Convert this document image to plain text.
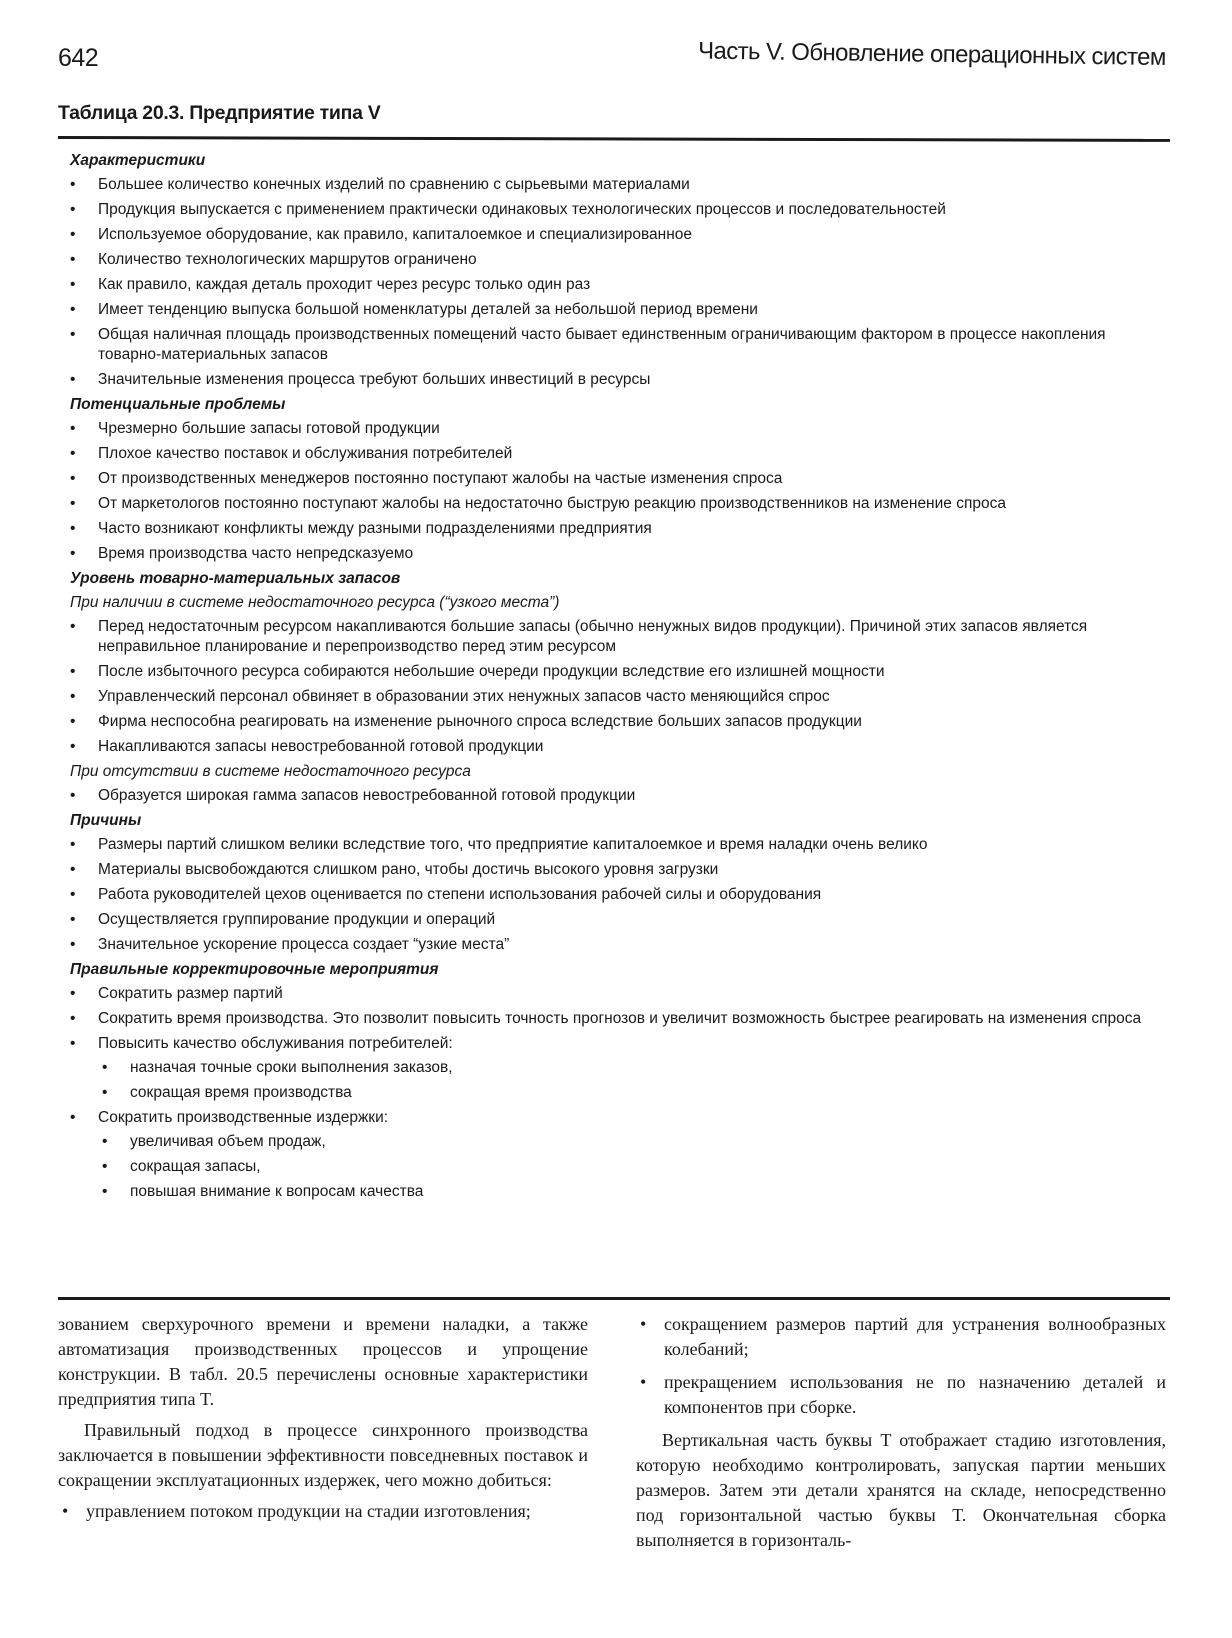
642	Часть V. Обновление операционных систем
Таблица 20.3. Предприятие типа V
Характеристики
• Большее количество конечных изделий по сравнению с сырьевыми материалами
• Продукция выпускается с применением практически одинаковых технологических процессов и последовательностей
• Используемое оборудование, как правило, капиталоемкое и специализированное
• Количество технологических маршрутов ограничено
• Как правило, каждая деталь проходит через ресурс только один раз
• Имеет тенденцию выпуска большой номенклатуры деталей за небольшой период времени
• Общая наличная площадь производственных помещений часто бывает единственным ограничивающим фактором в процессе накопления товарно-материальных запасов
• Значительные изменения процесса требуют больших инвестиций в ресурсы
Потенциальные проблемы
• Чрезмерно большие запасы готовой продукции
• Плохое качество поставок и обслуживания потребителей
• От производственных менеджеров постоянно поступают жалобы на частые изменения спроса
• От маркетологов постоянно поступают жалобы на недостаточно быструю реакцию производственников на изменение спроса
• Часто возникают конфликты между разными подразделениями предприятия
• Время производства часто непредсказуемо
Уровень товарно-материальных запасов
При наличии в системе недостаточного ресурса (“узкого места”)
• Перед недостаточным ресурсом накапливаются большие запасы (обычно ненужных видов продукции). Причиной этих запасов является неправильное планирование и перепроизводство перед этим ресурсом
• После избыточного ресурса собираются небольшие очереди продукции вследствие его излишней мощности
• Управленческий персонал обвиняет в образовании этих ненужных запасов часто меняющийся спрос
• Фирма неспособна реагировать на изменение рыночного спроса вследствие больших запасов продукции
• Накапливаются запасы невостребованной готовой продукции
При отсутствии в системе недостаточного ресурса
• Образуется широкая гамма запасов невостребованной готовой продукции
Причины
• Размеры партий слишком велики вследствие того, что предприятие капиталоемкое и время наладки очень велико
• Материалы высвобождаются слишком рано, чтобы достичь высокого уровня загрузки
• Работа руководителей цехов оценивается по степени использования рабочей силы и оборудования
• Осуществляется группирование продукции и операций
• Значительное ускорение процесса создает “узкие места”
Правильные корректировочные мероприятия
• Сократить размер партий
• Сократить время производства. Это позволит повысить точность прогнозов и увеличит возможность быстрее реагировать на изменения спроса
• Повысить качество обслуживания потребителей:
• назначая точные сроки выполнения заказов,
• сокращая время производства
• Сократить производственные издержки:
• увеличивая объем продаж,
• сокращая запасы,
• повышая внимание к вопросам качества

зованием сверхурочного времени и времени наладки, а также автоматизация производственных процессов и упрощение конструкции. В табл. 20.5 перечислены основные характеристики предприятия типа T.

Правильный подход в процессе синхронного производства заключается в повышении эффективности повседневных поставок и сокращении эксплуатационных издержек, чего можно добиться:

• управлением потоком продукции на стадии изготовления;
• сокращением размеров партий для устранения волнообразных колебаний;
• прекращением использования не по назначению деталей и компонентов при сборке.

Вертикальная часть буквы T отображает стадию изготовления, которую необходимо контролировать, запуская партии меньших размеров. Затем эти детали хранятся на складе, непосредственно под горизонтальной частью буквы T. Окончательная сборка выполняется в горизонталь-
